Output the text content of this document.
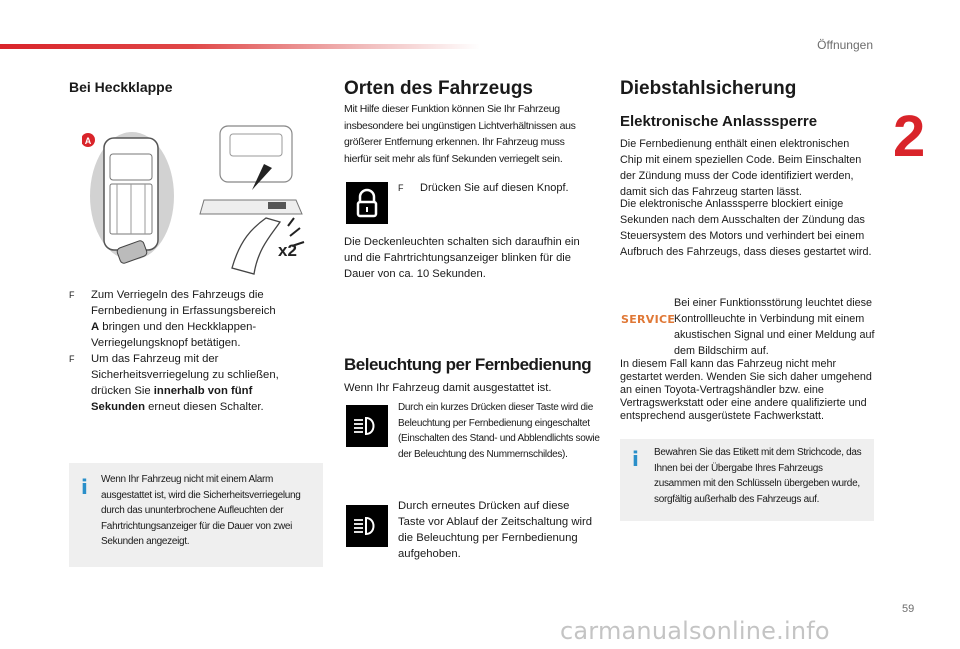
Öffnungen
2
59
Bei Heckklappe
A
x2
F Zum Verriegeln des Fahrzeugs die Fernbedienung in Erfassungsbereich
A bringen und den Heckklappen-Verriegelungsknopf betätigen.
F Um das Fahrzeug mit der Sicherheitsverriegelung zu schließen, drücken Sie innerhalb von fünf Sekunden erneut diesen Schalter.
i Wenn Ihr Fahrzeug nicht mit einem Alarm ausgestattet ist, wird die Sicherheitsverriegelung durch das ununterbrochene Aufleuchten der Fahrtrichtungsanzeiger für die Dauer von zwei Sekunden angezeigt.
Orten des Fahrzeugs
Mit Hilfe dieser Funktion können Sie Ihr Fahrzeug insbesondere bei ungünstigen Lichtverhältnissen aus größerer Entfernung erkennen. Ihr Fahrzeug muss hierfür seit mehr als fünf Sekunden verriegelt sein.
F Drücken Sie auf diesen Knopf.
Die Deckenleuchten schalten sich daraufhin ein und die Fahrtrichtungsanzeiger blinken für die Dauer von ca. 10 Sekunden.
Beleuchtung per Fernbedienung
Wenn Ihr Fahrzeug damit ausgestattet ist.
Durch ein kurzes Drücken dieser Taste wird die Beleuchtung per Fernbedienung eingeschaltet (Einschalten des Stand- und Abblendlichts sowie der Beleuchtung des Nummernschildes).
Durch erneutes Drücken auf diese Taste vor Ablauf der Zeitschaltung wird die Beleuchtung per Fernbedienung aufgehoben.
Diebstahlsicherung
Elektronische Anlasssperre
Die Fernbedienung enthält einen elektronischen Chip mit einem speziellen Code. Beim Einschalten der Zündung muss der Code identifiziert werden, damit sich das Fahrzeug starten lässt.
Die elektronische Anlasssperre blockiert einige Sekunden nach dem Ausschalten der Zündung das Steuersystem des Motors und verhindert bei einem Aufbruch des Fahrzeugs, dass dieses gestartet wird.
SERVICE
Bei einer Funktionsstörung leuchtet diese Kontrollleuchte in Verbindung mit einem akustischen Signal und einer Meldung auf dem Bildschirm auf.
In diesem Fall kann das Fahrzeug nicht mehr gestartet werden. Wenden Sie sich daher umgehend an einen Toyota-Vertragshändler bzw. eine Vertragswerkstatt oder eine andere qualifizierte und entsprechend ausgerüstete Fachwerkstatt.
i Bewahren Sie das Etikett mit dem Strichcode, das Ihnen bei der Übergabe Ihres Fahrzeugs zusammen mit den Schlüsseln übergeben wurde, sorgfältig außerhalb des Fahrzeugs auf.
carmanualsonline.info
